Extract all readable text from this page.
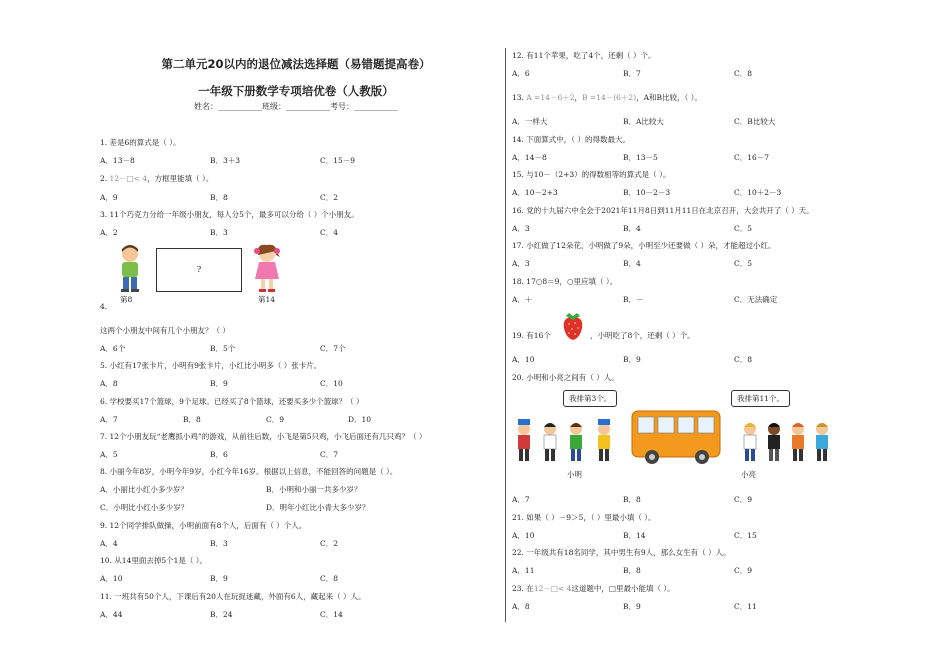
第二单元20以内的退位减法选择题（易错题提高卷）
一年级下册数学专项培优卷（人教版）
姓名：___________班级：___________考号：___________
1. 差是6的算式是（ ）。
A．13－8	B．3＋3	C．15－9
2. 12－□< 4，方框里能填（ ）。
A．9	B．8	C．2
3. 11个巧克力分给一年级小朋友，每人分5个，最多可以分给（ ）个小朋友。
A．2	B．3	C．4
第8
?
第14
4.
这两个小朋友中间有几个小朋友？（ ）
A．6个	B．5个	C．7个
5. 小红有17张卡片，小明有9张卡片，小红比小明多（ ）张卡片。
A．8	B．9	C．10
6. 学校要买17个篮球，9个足球。已经买了8个篮球，还要买多少个篮球？（ ）
A．7	B．8	C．9	D．10
7. 12个小朋友玩“老鹰抓小鸡”的游戏，从前往后数，小飞是第5只鸡，小飞后面还有几只鸡？（ ）
A．5	B．6	C．7
8. 小丽今年8岁，小明今年9岁，小红今年16岁。根据以上信息，不能回答的问题是（ ）。
A．小丽比小红小多少岁？	B．小明和小丽一共多少岁？
C．小明比小红小多少岁？	D．明年小红比小青大多少岁？
9. 12个同学排队做操，小明前面有8个人，后面有（ ）个人。
A．4	B．3	C．2
10. 从14里面去掉5个1是（ ）。
A．10	B．9	C．8
11. 一班共有50个人，下课后有20人在玩捉迷藏，外面有6人，藏起来（ ）人。
A．44	B．24	C．14
12. 有11个苹果，吃了4个，还剩（ ）个。
A．6	B．7	C．8
13. A =14－6＋2，B =14－(6＋2)，A和B比较，（ ）。
A．一样大	B．A比较大	C．B比较大
14. 下面算式中，（ ）的得数最大。
A．14－8	B．13－5	C．16－7
15. 与10－（2+3）的得数相等的算式是（ ）。
A．10－2+3	B．10－2－3	C．10＋2－3
16. 党的十九届六中全会于2021年11月8日到11月11日在北京召开，大会共开了（ ）天。
A．3	B．4	C．5
17. 小红做了12朵花，小明做了9朵，小明至少还要做（ ）朵，才能超过小红。
A．3	B．4	C．5
18. 17○8＝9，○里应填（ ）。
A．＋	B．－	C．无法确定
19. 有16个	，小明吃了8个，还剩（ ）个。
A．10	B．9	C．8
20. 小明和小亮之间有（ ）人。
我排第3个。	我排第11个。
小明	小亮
A．7	B．8	C．9
21. 如果（ ）－9＞5，（ ）里最小填（ ）。
A．10	B．14	C．15
22. 一年级共有18名同学，其中男生有9人，那么女生有（ ）人。
A．11	B．8	C．9
23. 在12－□< 4这道题中，□里最小能填（ ）。
A．8	B．9	C．11
